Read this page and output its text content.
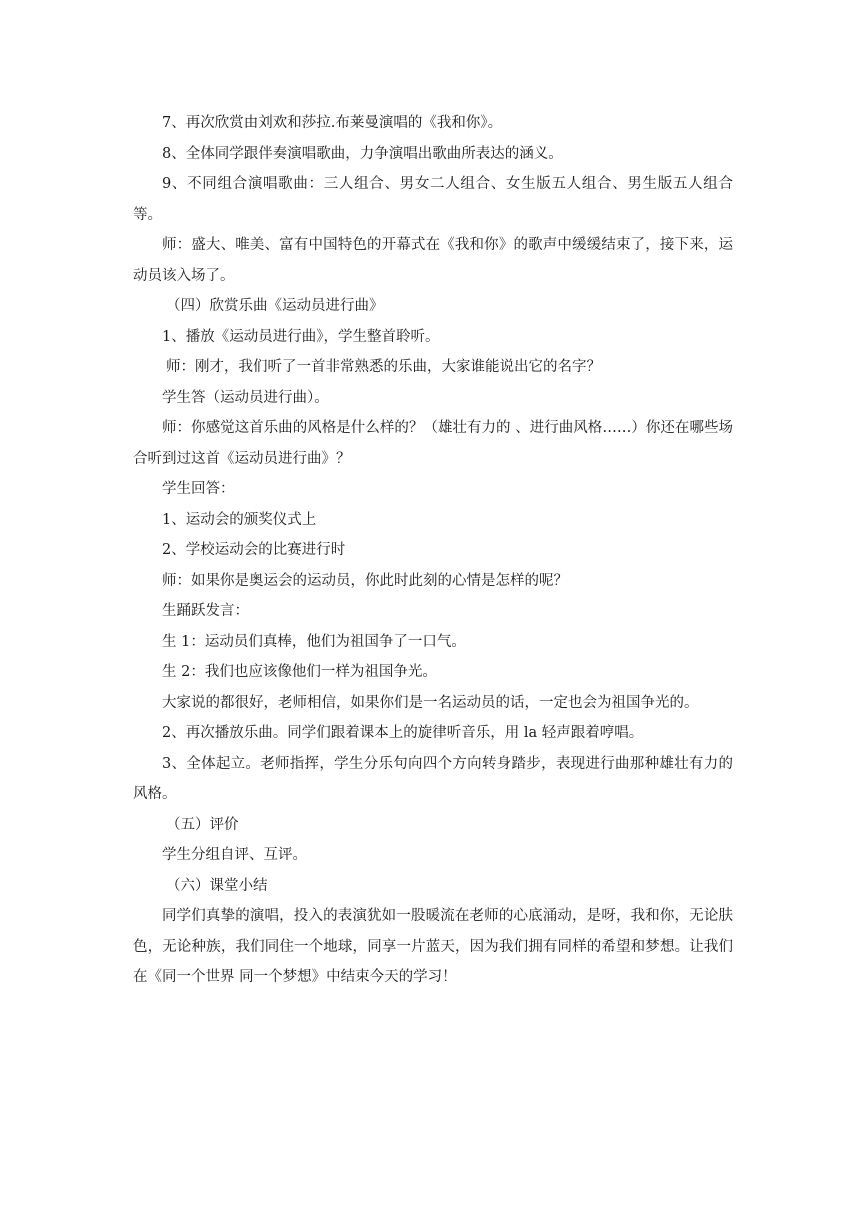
7、再次欣赏由刘欢和莎拉.布莱曼演唱的《我和你》。

8、全体同学跟伴奏演唱歌曲，力争演唱出歌曲所表达的涵义。

9、不同组合演唱歌曲：三人组合、男女二人组合、女生版五人组合、男生版五人组合等。

师：盛大、唯美、富有中国特色的开幕式在《我和你》的歌声中缓缓结束了，接下来，运动员该入场了。

（四）欣赏乐曲《运动员进行曲》

1、播放《运动员进行曲》，学生整首聆听。

师：刚才，我们听了一首非常熟悉的乐曲，大家谁能说出它的名字？

学生答（运动员进行曲）。

师：你感觉这首乐曲的风格是什么样的？（雄壮有力的 、进行曲风格……）你还在哪些场合听到过这首《运动员进行曲》？

学生回答：

1、运动会的颁奖仪式上

2、学校运动会的比赛进行时

师：如果你是奥运会的运动员，你此时此刻的心情是怎样的呢？

生踊跃发言：

生 1：运动员们真棒，他们为祖国争了一口气。

生 2：我们也应该像他们一样为祖国争光。

大家说的都很好，老师相信，如果你们是一名运动员的话，一定也会为祖国争光的。

2、再次播放乐曲。同学们跟着课本上的旋律听音乐，用 la 轻声跟着哼唱。

3、全体起立。老师指挥，学生分乐句向四个方向转身踏步，表现进行曲那种雄壮有力的风格。

（五）评价

学生分组自评、互评。

（六）课堂小结

同学们真挚的演唱，投入的表演犹如一股暖流在老师的心底涌动，是呀，我和你，无论肤色，无论种族，我们同住一个地球，同享一片蓝天，因为我们拥有同样的希望和梦想。让我们在《同一个世界 同一个梦想》中结束今天的学习！
